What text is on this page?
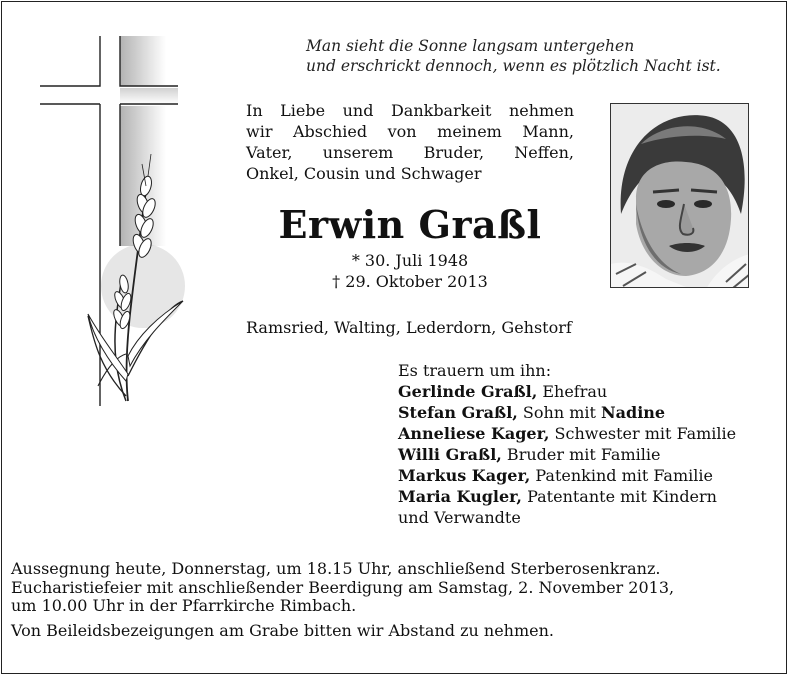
Man sieht die Sonne langsam untergehen
und erschrickt dennoch, wenn es plötzlich Nacht ist.
In Liebe und Dankbarkeit nehmen
wir Abschied von meinem Mann,
Vater, unserem Bruder, Neffen,
Onkel, Cousin und Schwager
Erwin Graßl
* 30. Juli 1948
† 29. Oktober 2013
Ramsried, Walting, Lederdorn, Gehstorf
Es trauern um ihn:
Gerlinde Graßl, Ehefrau
Stefan Graßl, Sohn mit Nadine
Anneliese Kager, Schwester mit Familie
Willi Graßl, Bruder mit Familie
Markus Kager, Patenkind mit Familie
Maria Kugler, Patentante mit Kindern
und Verwandte
Aussegnung heute, Donnerstag, um 18.15 Uhr, anschließend Sterberosenkranz.
Eucharistiefeier mit anschließender Beerdigung am Samstag, 2. November 2013,
um 10.00 Uhr in der Pfarrkirche Rimbach.
Von Beileidsbezeigungen am Grabe bitten wir Abstand zu nehmen.
